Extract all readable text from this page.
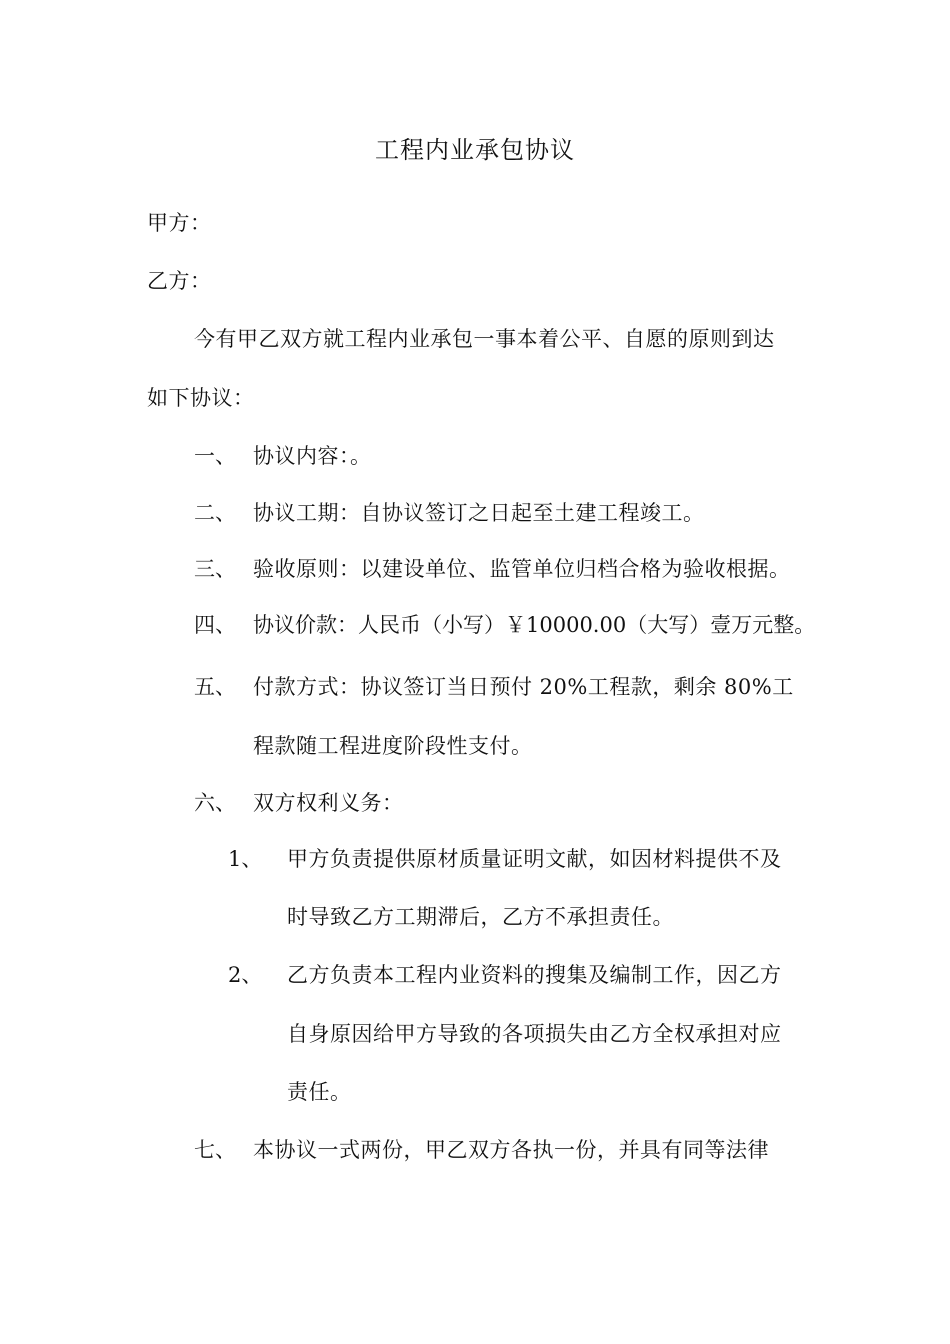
工程内业承包协议
甲方：
乙方：
今有甲乙双方就工程内业承包一事本着公平、自愿的原则到达
如下协议：
一、 协议内容：。
二、 协议工期：自协议签订之日起至土建工程竣工。
三、 验收原则：以建设单位、监管单位归档合格为验收根据。
四、 协议价款：人民币（小写）￥10000.00（大写）壹万元整。
五、 付款方式：协议签订当日预付 20%工程款，剩余 80%工
程款随工程进度阶段性支付。
六、 双方权利义务：
1、 甲方负责提供原材质量证明文献，如因材料提供不及
时导致乙方工期滞后，乙方不承担责任。
2、 乙方负责本工程内业资料的搜集及编制工作，因乙方
自身原因给甲方导致的各项损失由乙方全权承担对应
责任。
七、 本协议一式两份，甲乙双方各执一份，并具有同等法律
